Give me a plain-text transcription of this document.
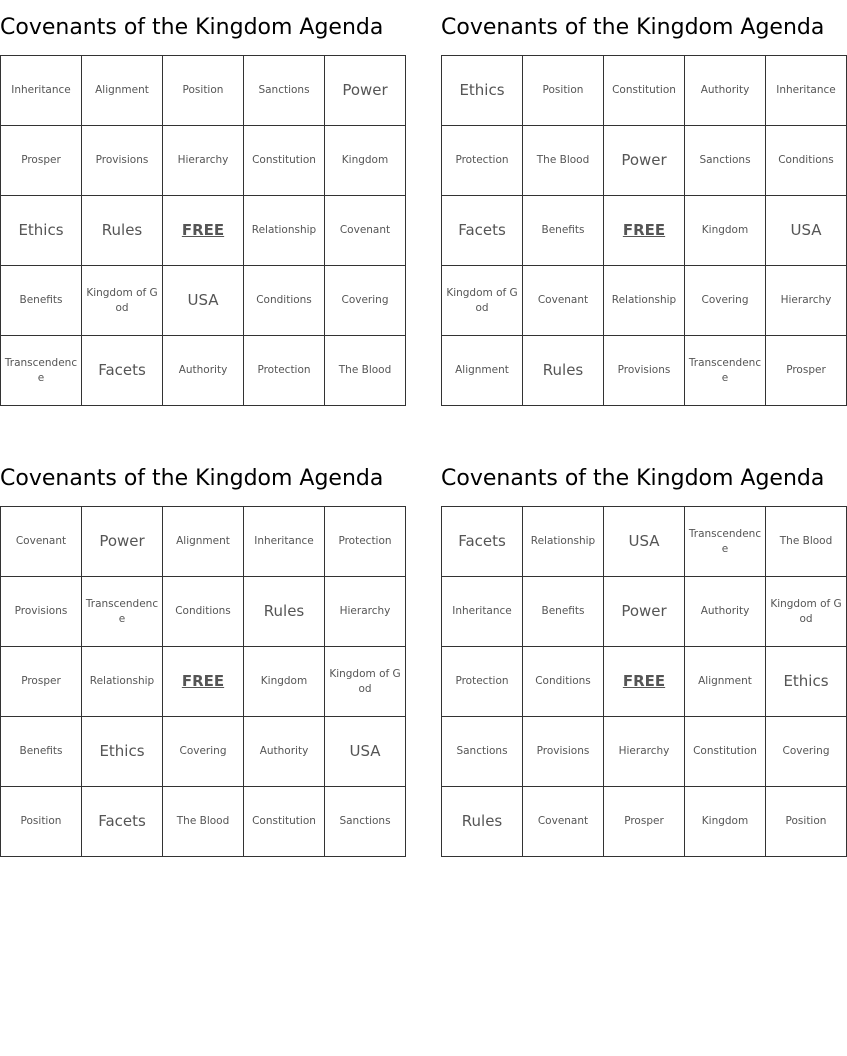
Covenants of the Kingdom Agenda
Inheritance	Alignment	Position	Sanctions	Power
Prosper	Provisions	Hierarchy	Constitution	Kingdom
Ethics	Rules	FREE	Relationship	Covenant
Benefits	Kingdom of God	USA	Conditions	Covering
Transcendence	Facets	Authority	Protection	The Blood
Covenants of the Kingdom Agenda
Ethics	Position	Constitution	Authority	Inheritance
Protection	The Blood	Power	Sanctions	Conditions
Facets	Benefits	FREE	Kingdom	USA
Kingdom of God	Covenant	Relationship	Covering	Hierarchy
Alignment	Rules	Provisions	Transcendence	Prosper
Covenants of the Kingdom Agenda
Covenant	Power	Alignment	Inheritance	Protection
Provisions	Transcendence	Conditions	Rules	Hierarchy
Prosper	Relationship	FREE	Kingdom	Kingdom of God
Benefits	Ethics	Covering	Authority	USA
Position	Facets	The Blood	Constitution	Sanctions
Covenants of the Kingdom Agenda
Facets	Relationship	USA	Transcendence	The Blood
Inheritance	Benefits	Power	Authority	Kingdom of God
Protection	Conditions	FREE	Alignment	Ethics
Sanctions	Provisions	Hierarchy	Constitution	Covering
Rules	Covenant	Prosper	Kingdom	Position
